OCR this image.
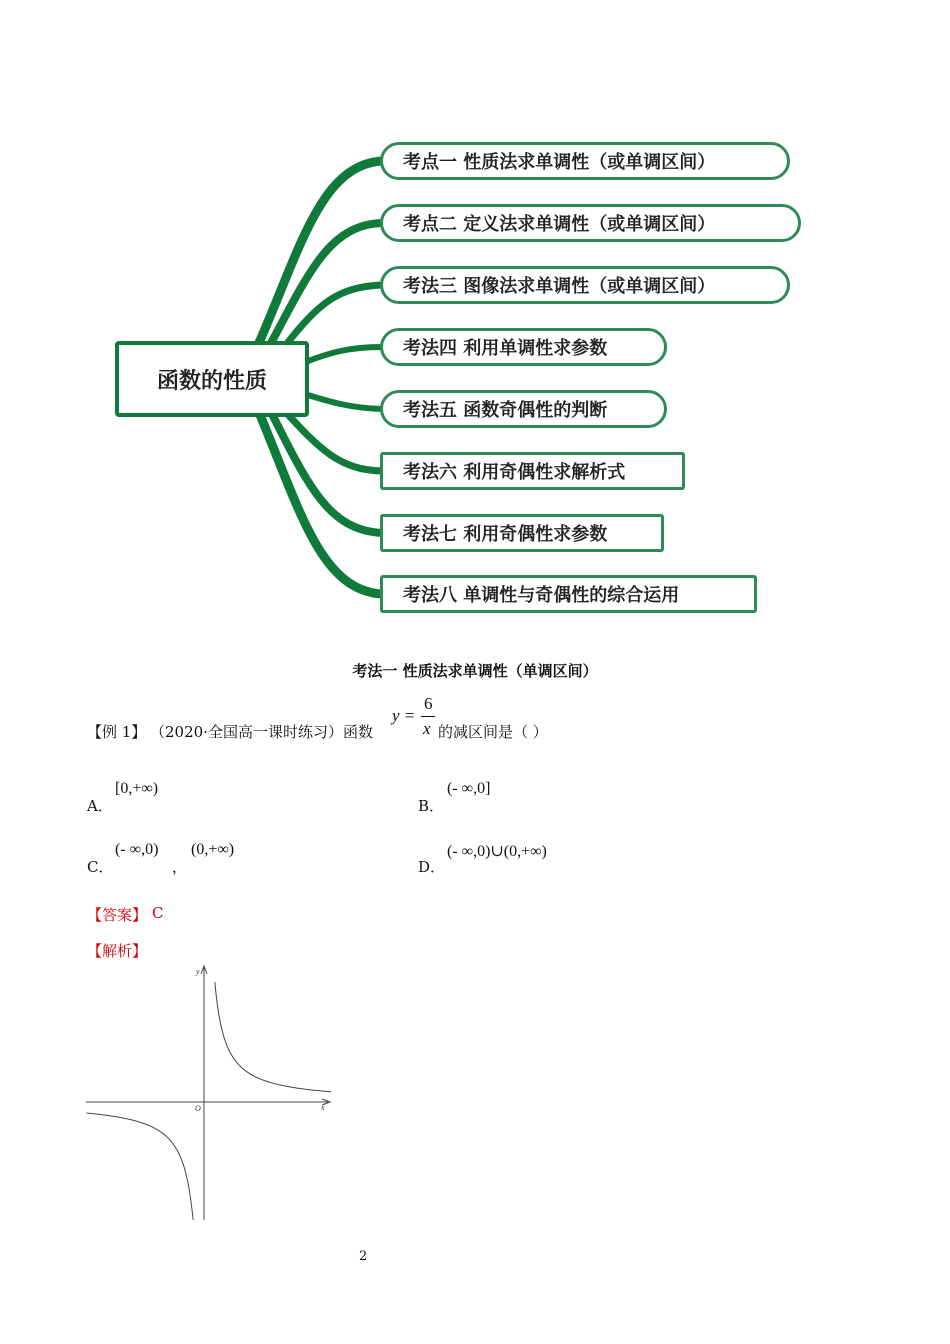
函数的性质
考点一 性质法求单调性（或单调区间）
考点二 定义法求单调性（或单调区间）
考法三 图像法求单调性（或单调区间）
考法四 利用单调性求参数
考法五 函数奇偶性的判断
考法六 利用奇偶性求解析式
考法七 利用奇偶性求参数
考法八 单调性与奇偶性的综合运用
考法一 性质法求单调性（单调区间）
【例 1】 （2020·全国高一课时练习）函数
y =
6
x 的减区间是（ ）
A．
[0,+∞)
B．
(- ∞,0]
C．
(- ∞,0)
，
(0,+∞)
D．
(- ∞,0)∪(0,+∞)
【答案】 C
【解析】
y
x
O
2
